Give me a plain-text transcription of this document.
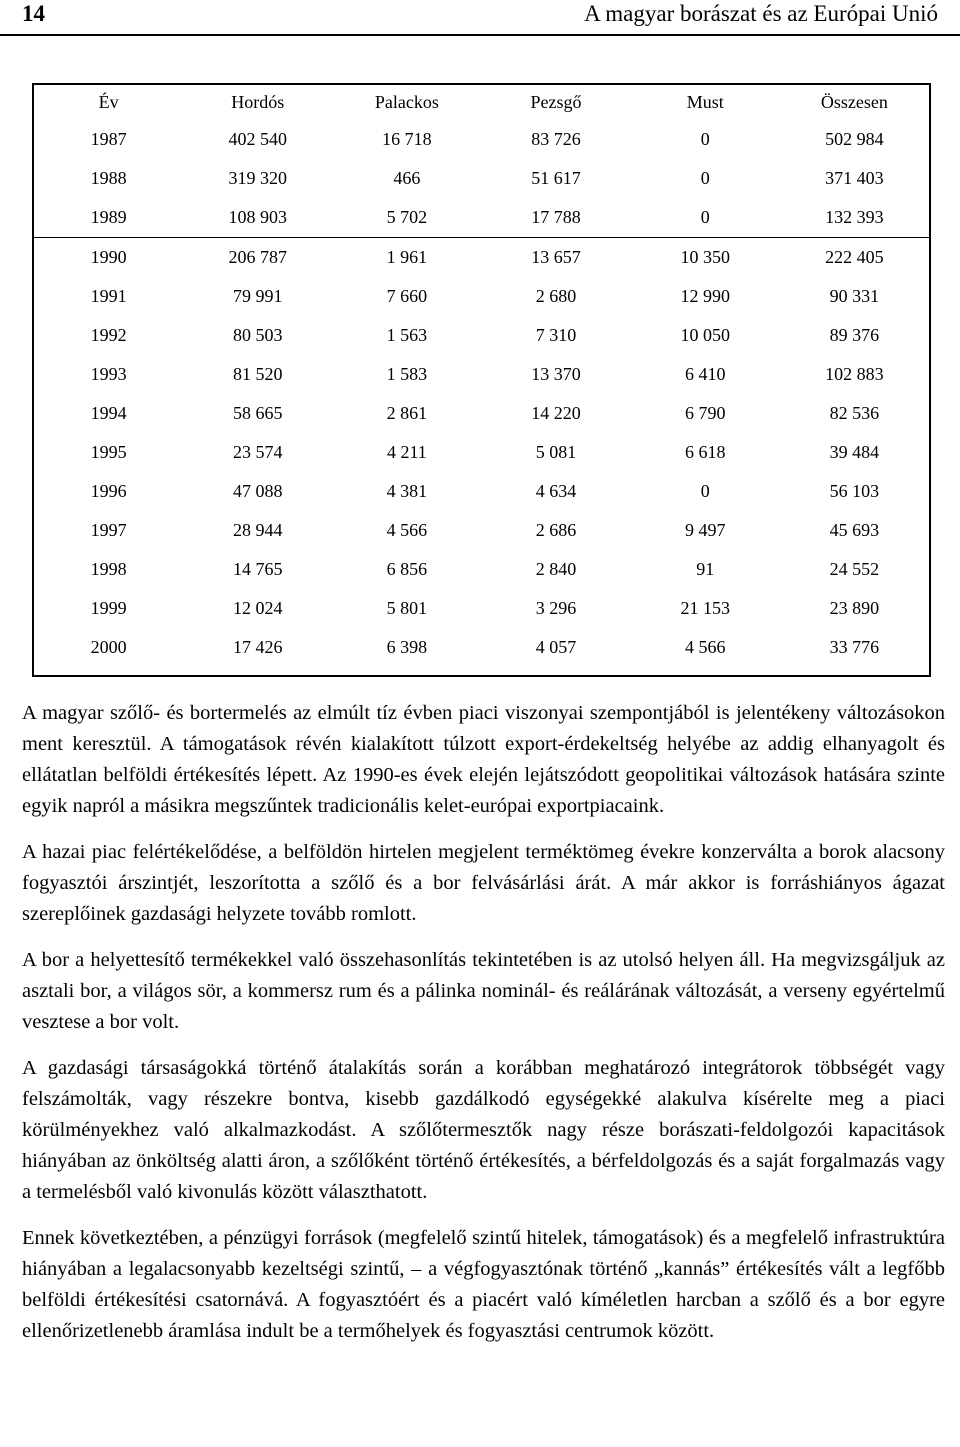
14	A magyar borászat és az Európai Unió
Év	Hordós	Palackos	Pezsgő	Must	Összesen
1987	402 540	16 718	83 726	0	502 984
1988	319 320	466	51 617	0	371 403
1989	108 903	5 702	17 788	0	132 393
1990	206 787	1 961	13 657	10 350	222 405
1991	79 991	7 660	2 680	12 990	90 331
1992	80 503	1 563	7 310	10 050	89 376
1993	81 520	1 583	13 370	6 410	102 883
1994	58 665	2 861	14 220	6 790	82 536
1995	23 574	4 211	5 081	6 618	39 484
1996	47 088	4 381	4 634	0	56 103
1997	28 944	4 566	2 686	9 497	45 693
1998	14 765	6 856	2 840	91	24 552
1999	12 024	5 801	3 296	21 153	23 890
2000	17 426	6 398	4 057	4 566	33 776

A magyar szőlő- és bortermelés az elmúlt tíz évben piaci viszonyai szempontjából is jelentékeny változásokon ment keresztül. A támogatások révén kialakított túlzott export-érdekeltség helyébe az addig elhanyagolt és ellátatlan belföldi értékesítés lépett. Az 1990-es évek elején lejátszódott geopolitikai változások hatására szinte egyik napról a másikra megszűntek tradicionális kelet-európai exportpiacaink.

A hazai piac felértékelődése, a belföldön hirtelen megjelent terméktömeg évekre konzerválta a borok alacsony fogyasztói árszintjét, leszorította a szőlő és a bor felvásárlási árát. A már akkor is forráshiányos ágazat szereplőinek gazdasági helyzete tovább romlott.

A bor a helyettesítő termékekkel való összehasonlítás tekintetében is az utolsó helyen áll. Ha megvizsgáljuk az asztali bor, a világos sör, a kommersz rum és a pálinka nominál- és reálárának változását, a verseny egyértelmű vesztese a bor volt.

A gazdasági társaságokká történő átalakítás során a korábban meghatározó integrátorok többségét vagy felszámolták, vagy részekre bontva, kisebb gazdálkodó egységekké alakulva kísérelte meg a piaci körülményekhez való alkalmazkodást. A szőlőtermesztők nagy része borászati-feldolgozói kapacitások hiányában az önköltség alatti áron, a szőlőként történő értékesítés, a bérfeldolgozás és a saját forgalmazás vagy a termelésből való kivonulás között választhatott.

Ennek következtében, a pénzügyi források (megfelelő szintű hitelek, támogatások) és a megfelelő infrastruktúra hiányában a legalacsonyabb kezeltségi szintű, – a végfogyasztónak történő „kannás” értékesítés vált a legfőbb belföldi értékesítési csatornává. A fogyasztóért és a piacért való kíméletlen harcban a szőlő és a bor egyre ellenőrizetlenebb áramlása indult be a termőhelyek és fogyasztási centrumok között.
